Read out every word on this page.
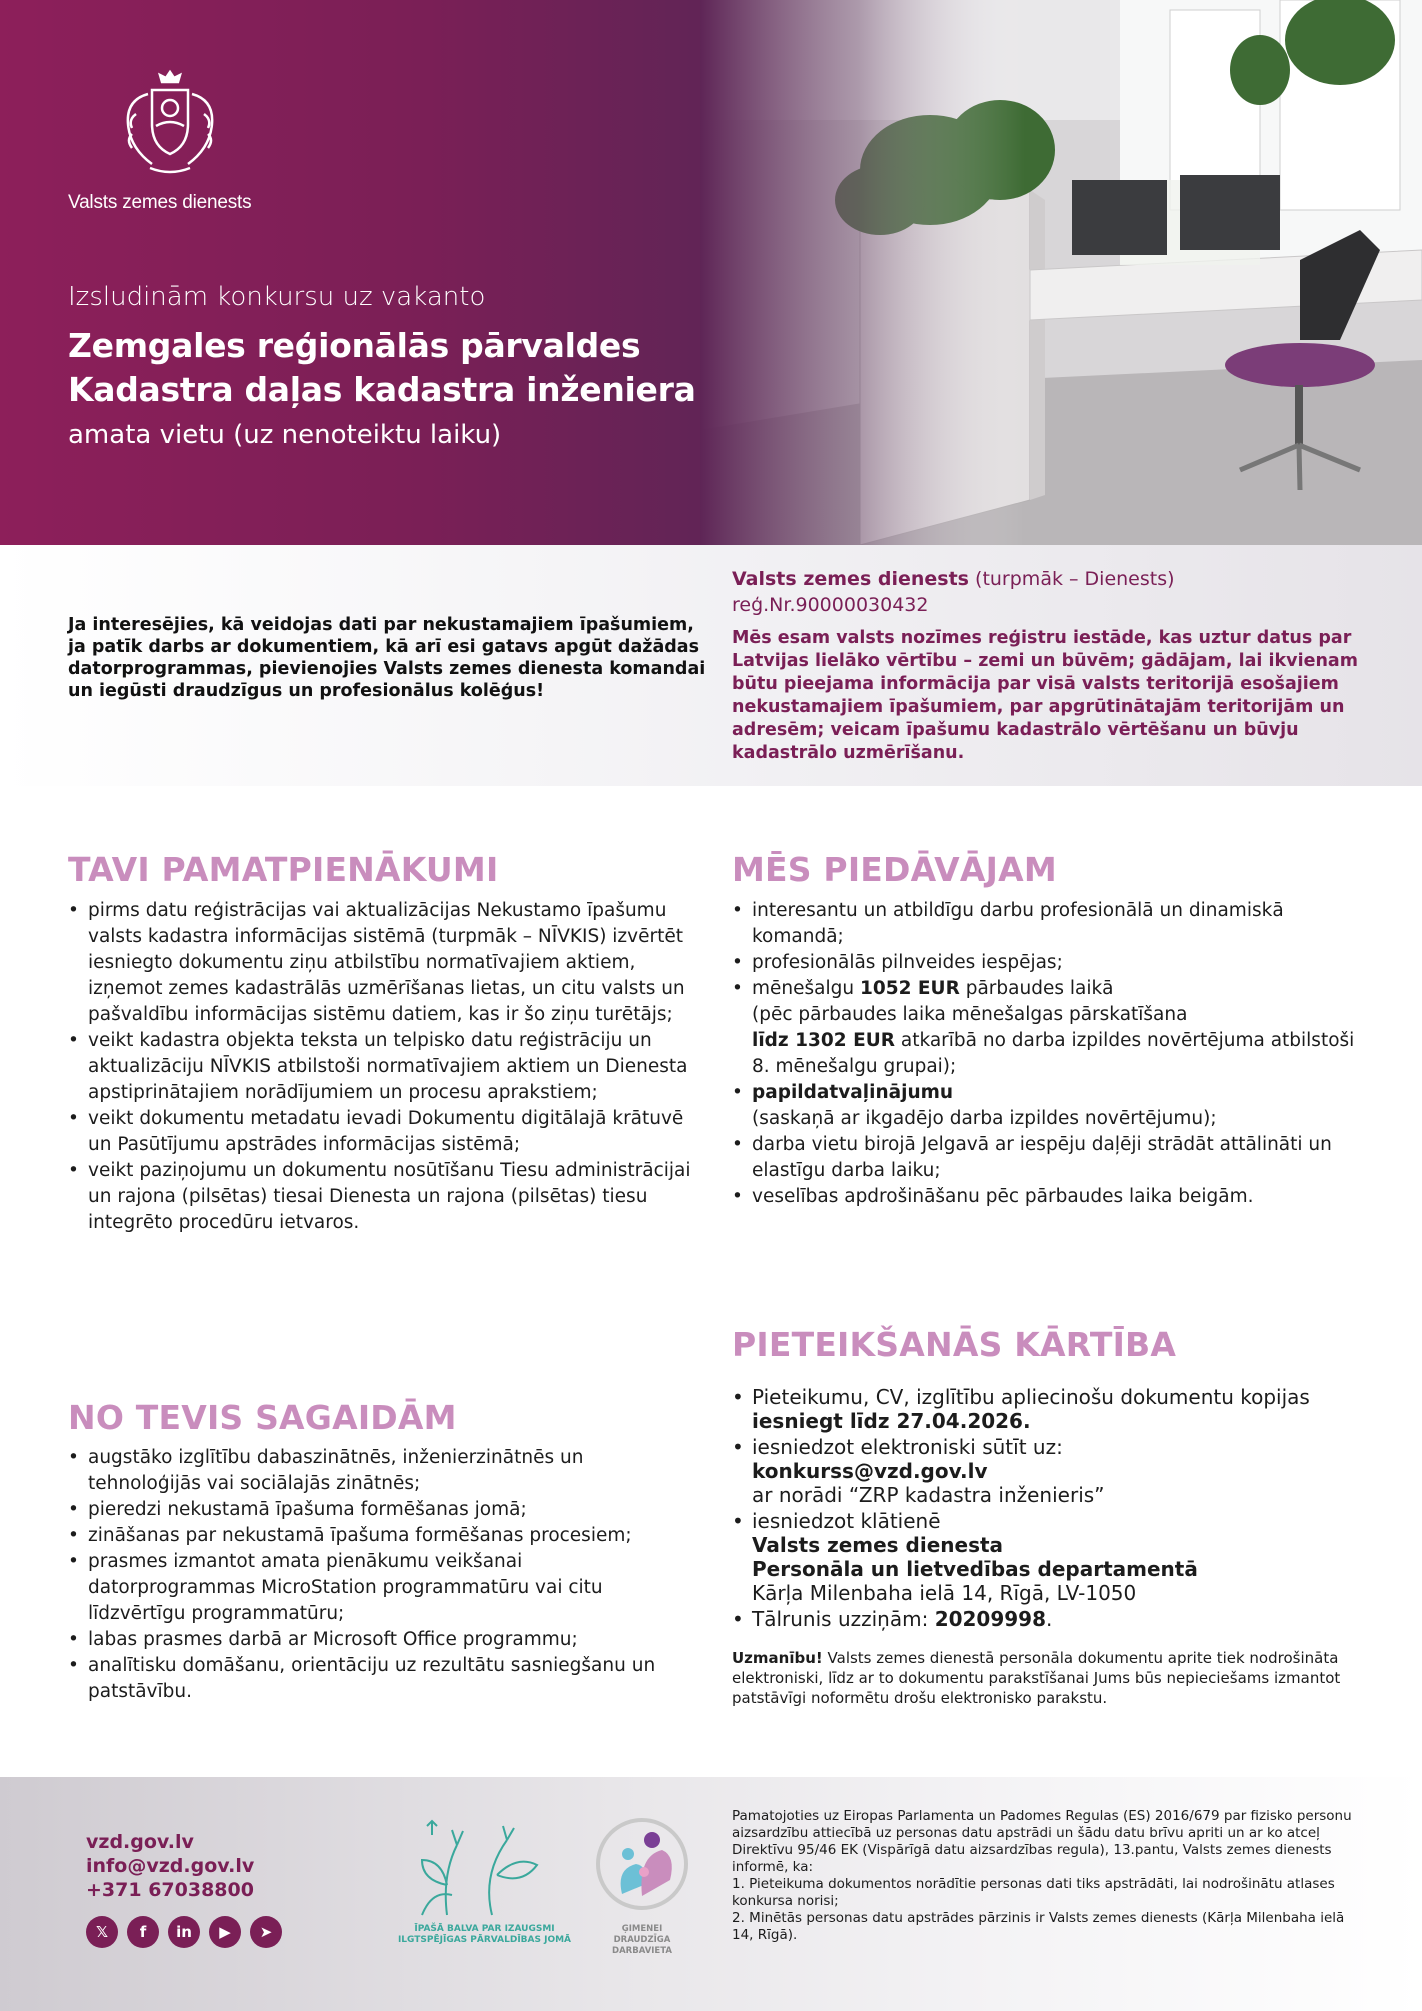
Valsts zemes dienests
Izsludinām konkursu uz vakanto
Zemgales reģionālās pārvaldes
Kadastra daļas kadastra inženiera
amata vietu (uz nenoteiktu laiku)
Ja interesējies, kā veidojas dati par nekustamajiem īpašumiem, ja patīk darbs ar dokumentiem, kā arī esi gatavs apgūt dažādas datorprogrammas, pievienojies Valsts zemes dienesta komandai un iegūsti draudzīgus un profesionālus kolēģus!
Valsts zemes dienests (turpmāk – Dienests)
reģ.Nr.90000030432
Mēs esam valsts nozīmes reģistru iestāde, kas uztur datus par Latvijas lielāko vērtību – zemi un būvēm; gādājam, lai ikvienam būtu pieejama informācija par visā valsts teritorijā esošajiem nekustamajiem īpašumiem, par apgrūtinātajām teritorijām un adresēm; veicam īpašumu kadastrālo vērtēšanu un būvju kadastrālo uzmērīšanu.
TAVI PAMATPIENĀKUMI
• pirms datu reģistrācijas vai aktualizācijas Nekustamo īpašumu valsts kadastra informācijas sistēmā (turpmāk – NĪVKIS) izvērtēt iesniegto dokumentu ziņu atbilstību normatīvajiem aktiem, izņemot zemes kadastrālās uzmērīšanas lietas, un citu valsts un pašvaldību informācijas sistēmu datiem, kas ir šo ziņu turētājs;
• veikt kadastra objekta teksta un telpisko datu reģistrāciju un aktualizāciju NĪVKIS atbilstoši normatīvajiem aktiem un Dienesta apstiprinātajiem norādījumiem un procesu aprakstiem;
• veikt dokumentu metadatu ievadi Dokumentu digitālajā krātuvē un Pasūtījumu apstrādes informācijas sistēmā;
• veikt paziņojumu un dokumentu nosūtīšanu Tiesu administrācijai un rajona (pilsētas) tiesai Dienesta un rajona (pilsētas) tiesu integrēto procedūru ietvaros.
MĒS PIEDĀVĀJAM
• interesantu un atbildīgu darbu profesionālā un dinamiskā komandā;
• profesionālās pilnveides iespējas;
• mēnešalgu 1052 EUR pārbaudes laikā
(pēc pārbaudes laika mēnešalgas pārskatīšana
līdz 1302 EUR atkarībā no darba izpildes novērtējuma atbilstoši 8. mēnešalgu grupai);
• papildatvaļinājumu
(saskaņā ar ikgadējo darba izpildes novērtējumu);
• darba vietu birojā Jelgavā ar iespēju daļēji strādāt attālināti un elastīgu darba laiku;
• veselības apdrošināšanu pēc pārbaudes laika beigām.
NO TEVIS SAGAIDĀM
• augstāko izglītību dabaszinātnēs, inženierzinātnēs un tehnoloģijās vai sociālajās zinātnēs;
• pieredzi nekustamā īpašuma formēšanas jomā;
• zināšanas par nekustamā īpašuma formēšanas procesiem;
• prasmes izmantot amata pienākumu veikšanai datorprogrammas MicroStation programmatūru vai citu līdzvērtīgu programmatūru;
• labas prasmes darbā ar Microsoft Office programmu;
• analītisku domāšanu, orientāciju uz rezultātu sasniegšanu un patstāvību.
PIETEIKŠANĀS KĀRTĪBA
• Pieteikumu, CV, izglītību apliecinošu dokumentu kopijas
iesniegt līdz 27.04.2026.
• iesniedzot elektroniski sūtīt uz:
konkurss@vzd.gov.lv
ar norādi “ZRP kadastra inženieris”
• iesniedzot klātienē
Valsts zemes dienesta
Personāla un lietvedības departamentā
Kārļa Milenbaha ielā 14, Rīgā, LV-1050
• Tālrunis uzziņām: 20209998.
Uzmanību! Valsts zemes dienestā personāla dokumentu aprite tiek nodrošināta elektroniski, līdz ar to dokumentu parakstīšanai Jums būs nepieciešams izmantot patstāvīgi noformētu drošu elektronisko parakstu.
vzd.gov.lv
info@vzd.gov.lv
+371 67038800
𝕏	f	in	▶	➤	ĪPAŠĀ BALVA PAR IZAUGSMI ILGTSPĒJĪGAS PĀRVALDĪBAS JOMĀ
ĢIMENEI DRAUDZĪGA DARBAVIETA
Pamatojoties uz Eiropas Parlamenta un Padomes Regulas (ES) 2016/679 par fizisko personu aizsardzību attiecībā uz personas datu apstrādi un šādu datu brīvu apriti un ar ko atceļ Direktīvu 95/46 EK (Vispārīgā datu aizsardzības regula), 13.pantu, Valsts zemes dienests informē, ka:
1. Pieteikuma dokumentos norādītie personas dati tiks apstrādāti, lai nodrošinātu atlases konkursa norisi;
2. Minētās personas datu apstrādes pārzinis ir Valsts zemes dienests (Kārļa Milenbaha ielā 14, Rīgā).
